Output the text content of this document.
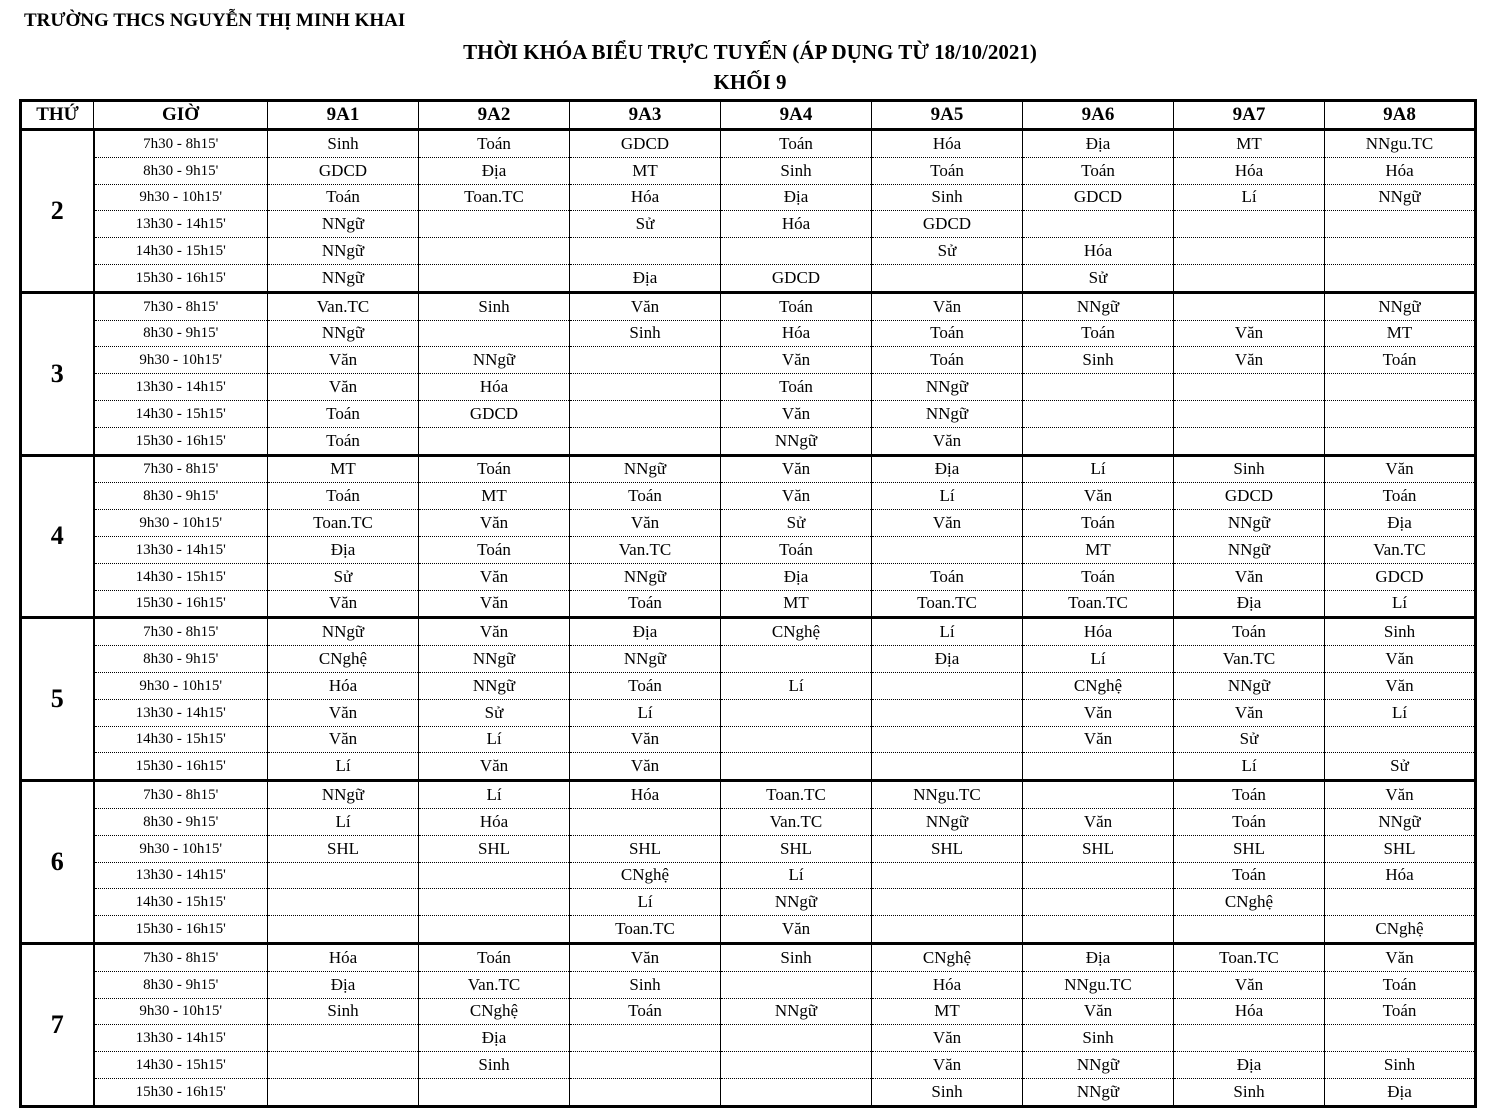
TRƯỜNG THCS NGUYỄN THỊ MINH KHAI
THỜI KHÓA BIỂU TRỰC TUYẾN (ÁP DỤNG TỪ 18/10/2021)
KHỐI 9
THỨ	GIỜ	9A1	9A2	9A3	9A4	9A5	9A6	9A7	9A8
2	7h30 - 8h15'	Sinh	Toán	GDCD	Toán	Hóa	Địa	MT	NNgu.TC
	8h30 - 9h15'	GDCD	Địa	MT	Sinh	Toán	Toán	Hóa	Hóa
	9h30 - 10h15'	Toán	Toan.TC	Hóa	Địa	Sinh	GDCD	Lí	NNgữ
	13h30 - 14h15'	NNgữ		Sử	Hóa	GDCD			
	14h30 - 15h15'	NNgữ				Sử	Hóa		
	15h30 - 16h15'	NNgữ		Địa	GDCD		Sử		
3	7h30 - 8h15'	Van.TC	Sinh	Văn	Toán	Văn	NNgữ		NNgữ
	8h30 - 9h15'	NNgữ		Sinh	Hóa	Toán	Toán	Văn	MT
	9h30 - 10h15'	Văn	NNgữ		Văn	Toán	Sinh	Văn	Toán
	13h30 - 14h15'	Văn	Hóa		Toán	NNgữ			
	14h30 - 15h15'	Toán	GDCD		Văn	NNgữ			
	15h30 - 16h15'	Toán			NNgữ	Văn			
4	7h30 - 8h15'	MT	Toán	NNgữ	Văn	Địa	Lí	Sinh	Văn
	8h30 - 9h15'	Toán	MT	Toán	Văn	Lí	Văn	GDCD	Toán
	9h30 - 10h15'	Toan.TC	Văn	Văn	Sử	Văn	Toán	NNgữ	Địa
	13h30 - 14h15'	Địa	Toán	Van.TC	Toán		MT	NNgữ	Van.TC
	14h30 - 15h15'	Sử	Văn	NNgữ	Địa	Toán	Toán	Văn	GDCD
	15h30 - 16h15'	Văn	Văn	Toán	MT	Toan.TC	Toan.TC	Địa	Lí
5	7h30 - 8h15'	NNgữ	Văn	Địa	CNghệ	Lí	Hóa	Toán	Sinh
	8h30 - 9h15'	CNghệ	NNgữ	NNgữ		Địa	Lí	Van.TC	Văn
	9h30 - 10h15'	Hóa	NNgữ	Toán	Lí		CNghệ	NNgữ	Văn
	13h30 - 14h15'	Văn	Sử	Lí			Văn	Văn	Lí
	14h30 - 15h15'	Văn	Lí	Văn			Văn	Sử	
	15h30 - 16h15'	Lí	Văn	Văn				Lí	Sử
6	7h30 - 8h15'	NNgữ	Lí	Hóa	Toan.TC	NNgu.TC		Toán	Văn
	8h30 - 9h15'	Lí	Hóa		Van.TC	NNgữ	Văn	Toán	NNgữ
	9h30 - 10h15'	SHL	SHL	SHL	SHL	SHL	SHL	SHL	SHL
	13h30 - 14h15'			CNghệ	Lí			Toán	Hóa
	14h30 - 15h15'			Lí	NNgữ			CNghệ	
	15h30 - 16h15'			Toan.TC	Văn				CNghệ
7	7h30 - 8h15'	Hóa	Toán	Văn	Sinh	CNghệ	Địa	Toan.TC	Văn
	8h30 - 9h15'	Địa	Van.TC	Sinh		Hóa	NNgu.TC	Văn	Toán
	9h30 - 10h15'	Sinh	CNghệ	Toán	NNgữ	MT	Văn	Hóa	Toán
	13h30 - 14h15'		Địa			Văn	Sinh		
	14h30 - 15h15'		Sinh			Văn	NNgữ	Địa	Sinh
	15h30 - 16h15'					Sinh	NNgữ	Sinh	Địa
